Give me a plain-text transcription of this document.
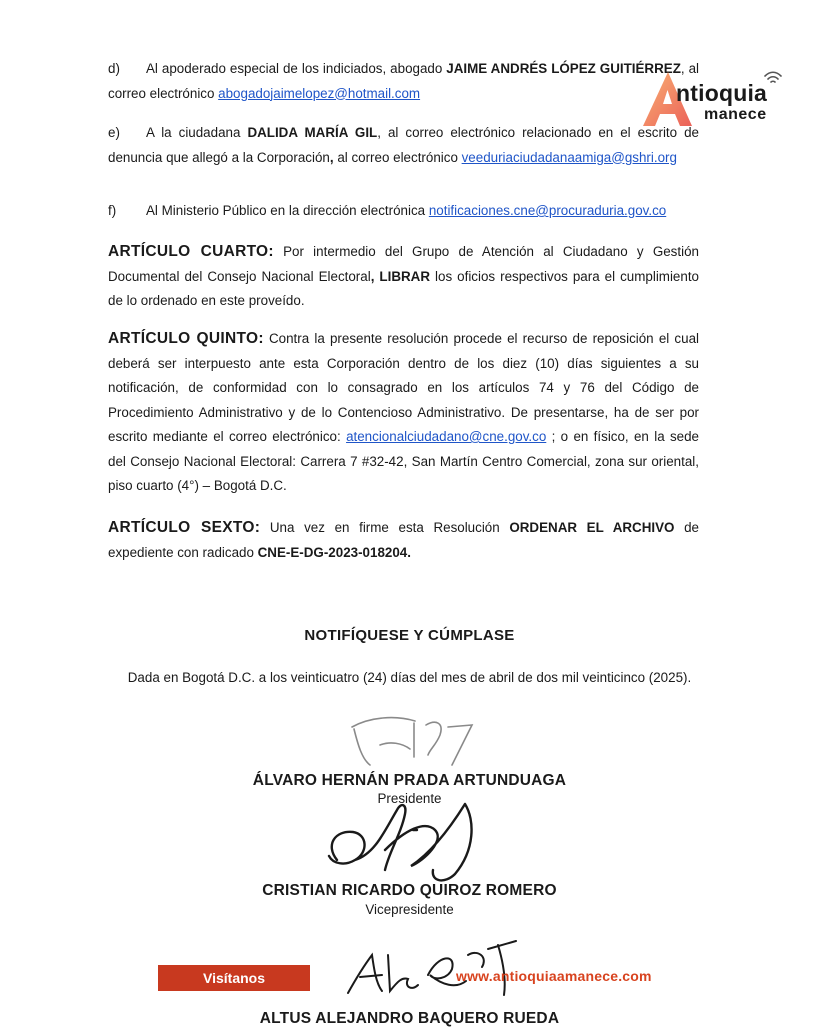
d) Al apoderado especial de los indiciados, abogado JAIME ANDRÉS LÓPEZ GUITIÉRREZ, al correo electrónico abogadojaimelopez@hotmail.com
e) A la ciudadana DALIDA MARÍA GIL, al correo electrónico relacionado en el escrito de denuncia que allegó a la Corporación, al correo electrónico veeduriaciudadanaamiga@gshri.org
f) Al Ministerio Público en la dirección electrónica notificaciones.cne@procuraduria.gov.co
ARTÍCULO CUARTO: Por intermedio del Grupo de Atención al Ciudadano y Gestión Documental del Consejo Nacional Electoral, LIBRAR los oficios respectivos para el cumplimiento de lo ordenado en este proveído.
ARTÍCULO QUINTO: Contra la presente resolución procede el recurso de reposición el cual deberá ser interpuesto ante esta Corporación dentro de los diez (10) días siguientes a su notificación, de conformidad con lo consagrado en los artículos 74 y 76 del Código de Procedimiento Administrativo y de lo Contencioso Administrativo. De presentarse, ha de ser por escrito mediante el correo electrónico: atencionalciudadano@cne.gov.co ; o en físico, en la sede del Consejo Nacional Electoral: Carrera 7 #32-42, San Martín Centro Comercial, zona sur oriental, piso cuarto (4°) – Bogotá D.C.
ARTÍCULO SEXTO: Una vez en firme esta Resolución ORDENAR EL ARCHIVO de expediente con radicado CNE-E-DG-2023-018204.
NOTIFÍQUESE Y CÚMPLASE
Dada en Bogotá D.C. a los veinticuatro (24) días del mes de abril de dos mil veinticinco (2025).
ÁLVARO HERNÁN PRADA ARTUNDUAGA
Presidente
CRISTIAN RICARDO QUIROZ ROMERO
Vicepresidente
ALTUS ALEJANDRO BAQUERO RUEDA
ntioquia
manece
Visítanos	www.antioquiaamanece.com
